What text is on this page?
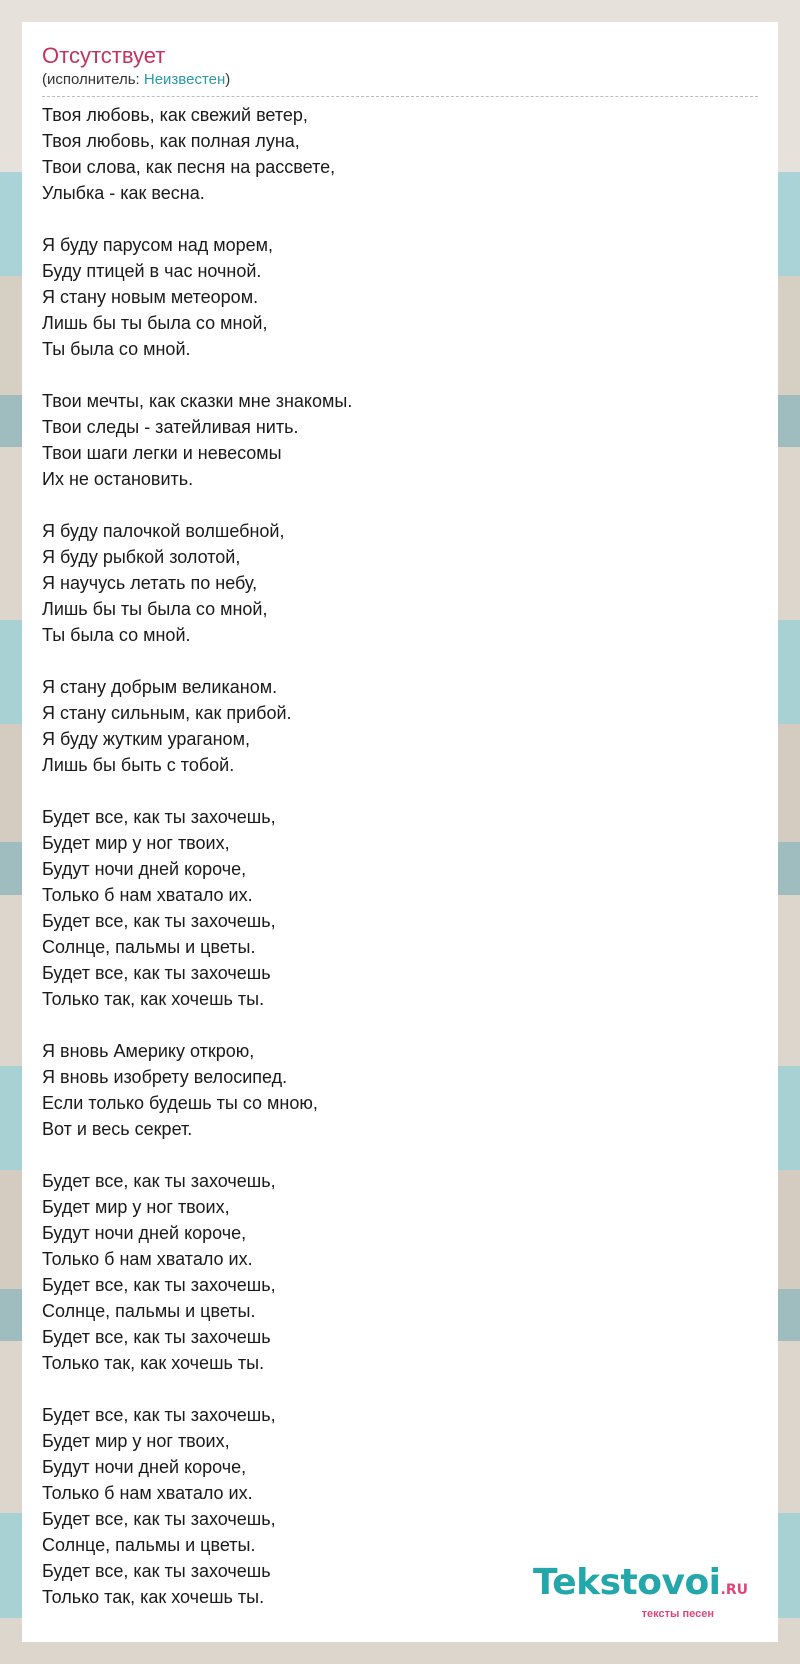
Отсутствует
(исполнитель: Неизвестен)
Твоя любовь, как свежий ветер,
Твоя любовь, как полная луна,
Твои слова, как песня на рассвете,
Улыбка - как весна.
Я буду парусом над морем,
Буду птицей в час ночной.
Я стану новым метеором.
Лишь бы ты была со мной,
Ты была со мной.
Твои мечты, как сказки мне знакомы.
Твои следы - затейливая нить.
Твои шаги легки и невесомы
Их не остановить.
Я буду палочкой волшебной,
Я буду рыбкой золотой,
Я научусь летать по небу,
Лишь бы ты была со мной,
Ты была со мной.
Я стану добрым великаном.
Я стану сильным, как прибой.
Я буду жутким ураганом,
Лишь бы быть с тобой.
Будет все, как ты захочешь,
Будет мир у ног твоих,
Будут ночи дней короче,
Только б нам хватало их.
Будет все, как ты захочешь,
Солнце, пальмы и цветы.
Будет все, как ты захочешь
Только так, как хочешь ты.
Я вновь Америку открою,
Я вновь изобрету велосипед.
Если только будешь ты со мною,
Вот и весь секрет.
Будет все, как ты захочешь,
Будет мир у ног твоих,
Будут ночи дней короче,
Только б нам хватало их.
Будет все, как ты захочешь,
Солнце, пальмы и цветы.
Будет все, как ты захочешь
Только так, как хочешь ты.
Будет все, как ты захочешь,
Будет мир у ног твоих,
Будут ночи дней короче,
Только б нам хватало их.
Будет все, как ты захочешь,
Солнце, пальмы и цветы.
Будет все, как ты захочешь
Только так, как хочешь ты.	Tekstovoi.RU
тексты песен
